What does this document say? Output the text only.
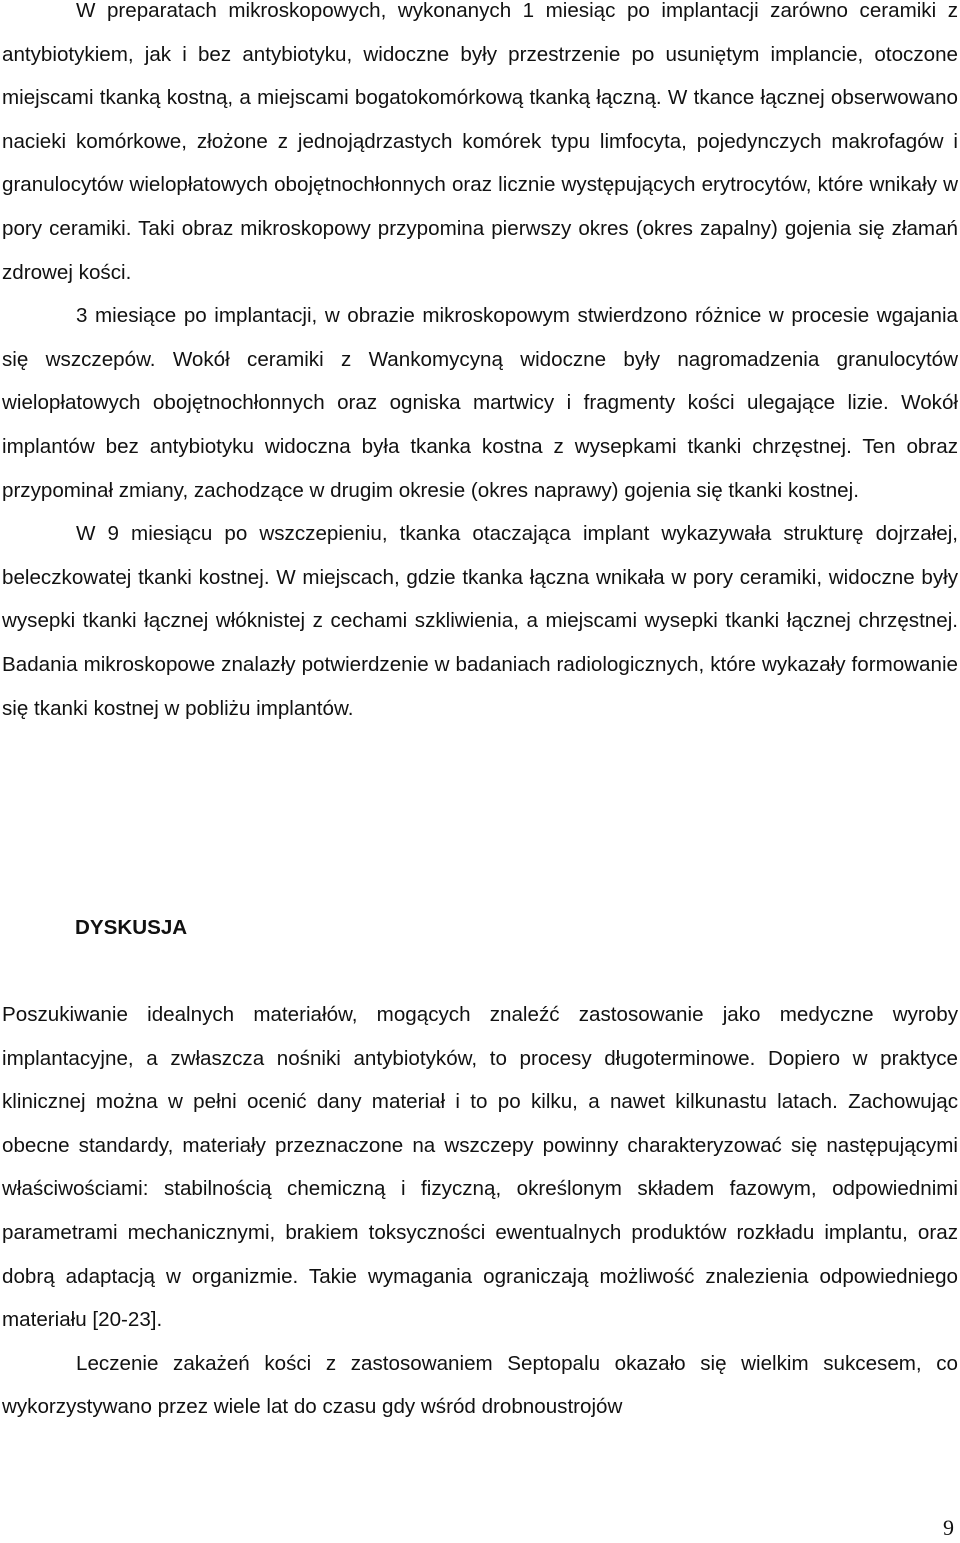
W preparatach mikroskopowych, wykonanych 1 miesiąc po implantacji zarówno ceramiki z antybiotykiem, jak i bez antybiotyku, widoczne były przestrzenie po usuniętym implancie, otoczone miejscami tkanką kostną, a miejscami bogatokomórkową tkanką łączną. W tkance łącznej obserwowano nacieki komórkowe, złożone z jednojądrzastych komórek typu limfocyta, pojedynczych makrofagów i granulocytów wielopłatowych obojętnochłonnych oraz licznie występujących erytrocytów, które wnikały w pory ceramiki. Taki obraz mikroskopowy przypomina pierwszy okres (okres zapalny) gojenia się złamań zdrowej kości.

3 miesiące po implantacji, w obrazie mikroskopowym stwierdzono różnice w procesie wgajania się wszczepów. Wokół ceramiki z Wankomycyną widoczne były nagromadzenia granulocytów wielopłatowych obojętnochłonnych oraz ogniska martwicy i fragmenty kości ulegające lizie. Wokół implantów bez antybiotyku widoczna była tkanka kostna z wysepkami tkanki chrzęstnej. Ten obraz przypominał zmiany, zachodzące w drugim okresie (okres naprawy) gojenia się tkanki kostnej.

W 9 miesiącu po wszczepieniu, tkanka otaczająca implant wykazywała strukturę dojrzałej, beleczkowatej tkanki kostnej. W miejscach, gdzie tkanka łączna wnikała w pory ceramiki, widoczne były wysepki tkanki łącznej włóknistej z cechami szkliwienia, a miejscami wysepki tkanki łącznej chrzęstnej. Badania mikroskopowe znalazły potwierdzenie w badaniach radiologicznych, które wykazały formowanie się tkanki kostnej w pobliżu implantów.

DYSKUSJA

Poszukiwanie idealnych materiałów, mogących znaleźć zastosowanie jako medyczne wyroby implantacyjne, a zwłaszcza nośniki antybiotyków, to procesy długoterminowe. Dopiero w praktyce klinicznej można w pełni ocenić dany materiał i to po kilku, a nawet kilkunastu latach. Zachowując obecne standardy, materiały przeznaczone na wszczepy powinny charakteryzować się następującymi właściwościami: stabilnością chemiczną i fizyczną, określonym składem fazowym, odpowiednimi parametrami mechanicznymi, brakiem toksyczności ewentualnych produktów rozkładu implantu, oraz dobrą adaptacją w organizmie. Takie wymagania ograniczają możliwość znalezienia odpowiedniego materiału [20-23].

Leczenie zakażeń kości z zastosowaniem Septopalu okazało się wielkim sukcesem, co wykorzystywano przez wiele lat do czasu gdy wśród drobnoustrojów

9
